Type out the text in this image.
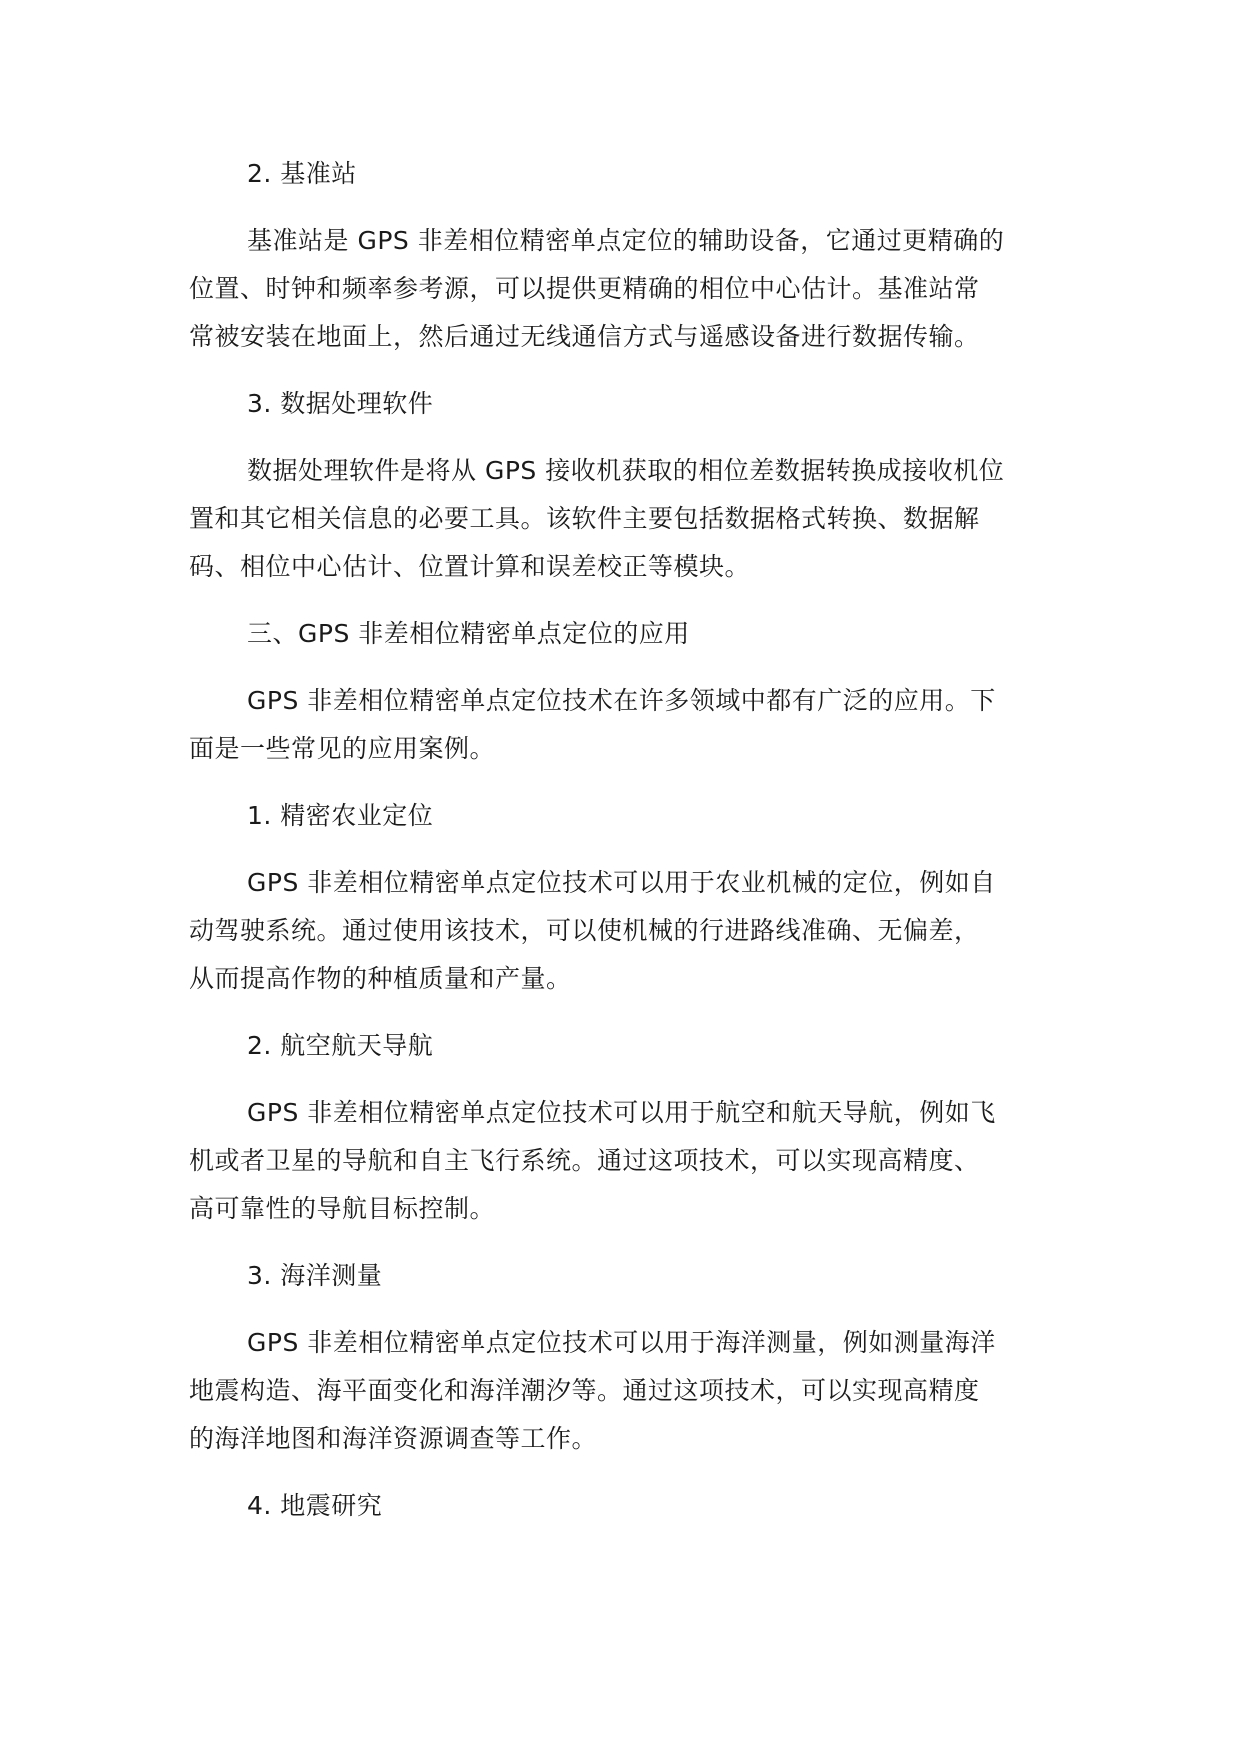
2. 基准站
基准站是 GPS 非差相位精密单点定位的辅助设备，它通过更精确的
位置、时钟和频率参考源，可以提供更精确的相位中心估计。基准站常
常被安装在地面上，然后通过无线通信方式与遥感设备进行数据传输。
3. 数据处理软件
数据处理软件是将从 GPS 接收机获取的相位差数据转换成接收机位
置和其它相关信息的必要工具。该软件主要包括数据格式转换、数据解
码、相位中心估计、位置计算和误差校正等模块。
三、GPS 非差相位精密单点定位的应用
GPS 非差相位精密单点定位技术在许多领域中都有广泛的应用。下
面是一些常见的应用案例。
1. 精密农业定位
GPS 非差相位精密单点定位技术可以用于农业机械的定位，例如自
动驾驶系统。通过使用该技术，可以使机械的行进路线准确、无偏差，
从而提高作物的种植质量和产量。
2. 航空航天导航
GPS 非差相位精密单点定位技术可以用于航空和航天导航，例如飞
机或者卫星的导航和自主飞行系统。通过这项技术，可以实现高精度、
高可靠性的导航目标控制。
3. 海洋测量
GPS 非差相位精密单点定位技术可以用于海洋测量，例如测量海洋
地震构造、海平面变化和海洋潮汐等。通过这项技术，可以实现高精度
的海洋地图和海洋资源调查等工作。
4. 地震研究
